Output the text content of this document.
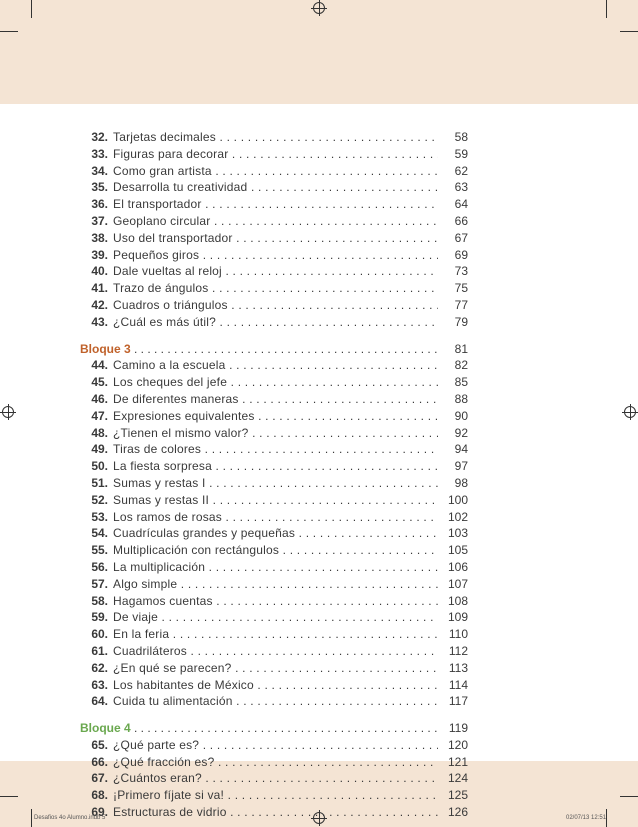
32. Tarjetas decimales . . .	58
33. Figuras para decorar . . .	59
34. Como gran artista . . .	62
35. Desarrolla tu creatividad . . .	63
36. El transportador . . .	64
37. Geoplano circular . . .	66
38. Uso del transportador . . .	67
39. Pequeños giros . . .	69
40. Dale vueltas al reloj . . .	73
41. Trazo de ángulos . . .	75
42. Cuadros o triángulos . . .	77
43. ¿Cuál es más útil? . . .	79
Bloque 3 . . .	81
44. Camino a la escuela . . .	82
45. Los cheques del jefe . . .	85
46. De diferentes maneras . . .	88
47. Expresiones equivalentes . . .	90
48. ¿Tienen el mismo valor? . . .	92
49. Tiras de colores . . .	94
50. La fiesta sorpresa . . .	97
51. Sumas y restas I . . .	98
52. Sumas y restas II . . .	100
53. Los ramos de rosas . . .	102
54. Cuadrículas grandes y pequeñas . . .	103
55. Multiplicación con rectángulos . . .	105
56. La multiplicación . . .	106
57. Algo simple . . .	107
58. Hagamos cuentas . . .	108
59. De viaje . . .	109
60. En la feria . . .	110
61. Cuadriláteros . . .	112
62. ¿En qué se parecen? . . .	113
63. Los habitantes de México . . .	114
64. Cuida tu alimentación . . .	117
Bloque 4 . . .	119
65. ¿Qué parte es? . . .	120
66. ¿Qué fracción es? . . .	121
67. ¿Cuántos eran? . . .	124
68. ¡Primero fíjate si va! . . .	125
69. Estructuras de vidrio . . .	126
Desafios 4o Alumno.indb 5	02/07/13 12:51
